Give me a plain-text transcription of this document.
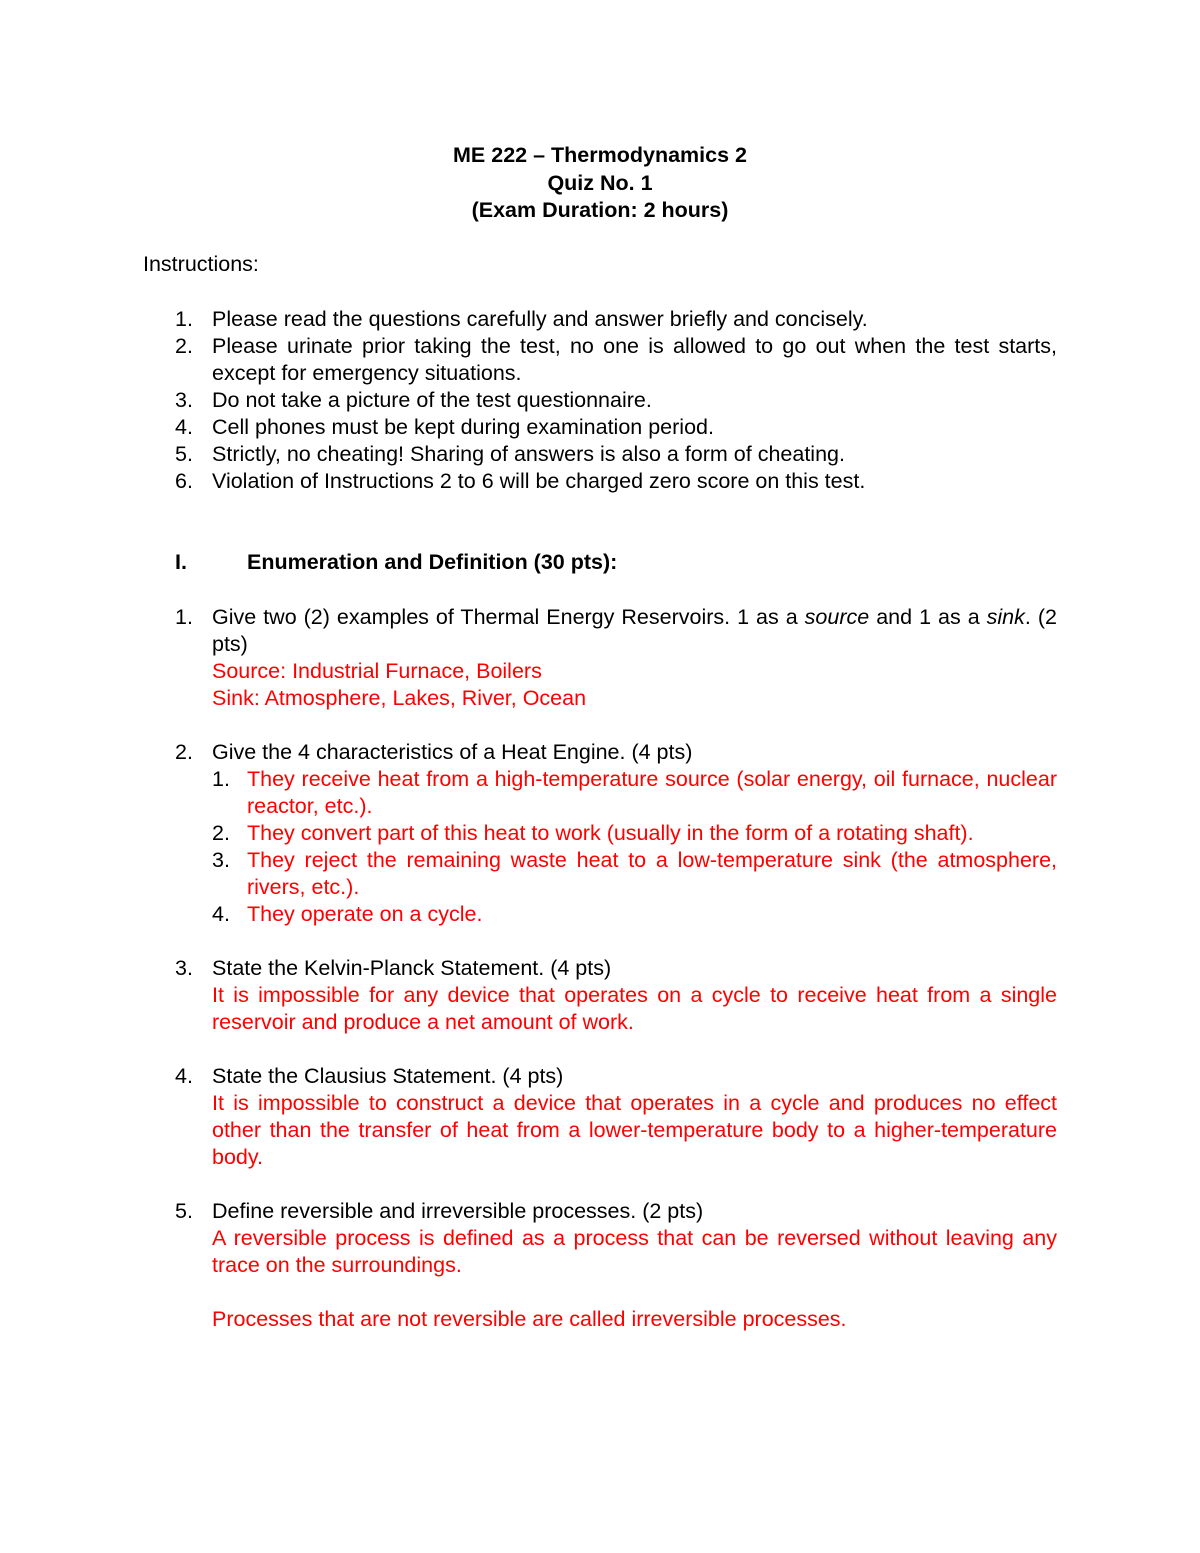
ME 222 – Thermodynamics 2
Quiz No. 1
(Exam Duration: 2 hours)
Instructions:
1. Please read the questions carefully and answer briefly and concisely.
2. Please urinate prior taking the test, no one is allowed to go out when the test starts, except for emergency situations.
3. Do not take a picture of the test questionnaire.
4. Cell phones must be kept during examination period.
5. Strictly, no cheating! Sharing of answers is also a form of cheating.
6. Violation of Instructions 2 to 6 will be charged zero score on this test.
I.	Enumeration and Definition (30 pts):
1. Give two (2) examples of Thermal Energy Reservoirs. 1 as a source and 1 as a sink. (2 pts)
Source: Industrial Furnace, Boilers
Sink: Atmosphere, Lakes, River, Ocean
2. Give the 4 characteristics of a Heat Engine. (4 pts)
1. They receive heat from a high-temperature source (solar energy, oil furnace, nuclear reactor, etc.).
2. They convert part of this heat to work (usually in the form of a rotating shaft).
3. They reject the remaining waste heat to a low-temperature sink (the atmosphere, rivers, etc.).
4. They operate on a cycle.
3. State the Kelvin-Planck Statement. (4 pts)
It is impossible for any device that operates on a cycle to receive heat from a single reservoir and produce a net amount of work.
4. State the Clausius Statement. (4 pts)
It is impossible to construct a device that operates in a cycle and produces no effect other than the transfer of heat from a lower-temperature body to a higher-temperature body.
5. Define reversible and irreversible processes. (2 pts)
A reversible process is defined as a process that can be reversed without leaving any trace on the surroundings.
Processes that are not reversible are called irreversible processes.
